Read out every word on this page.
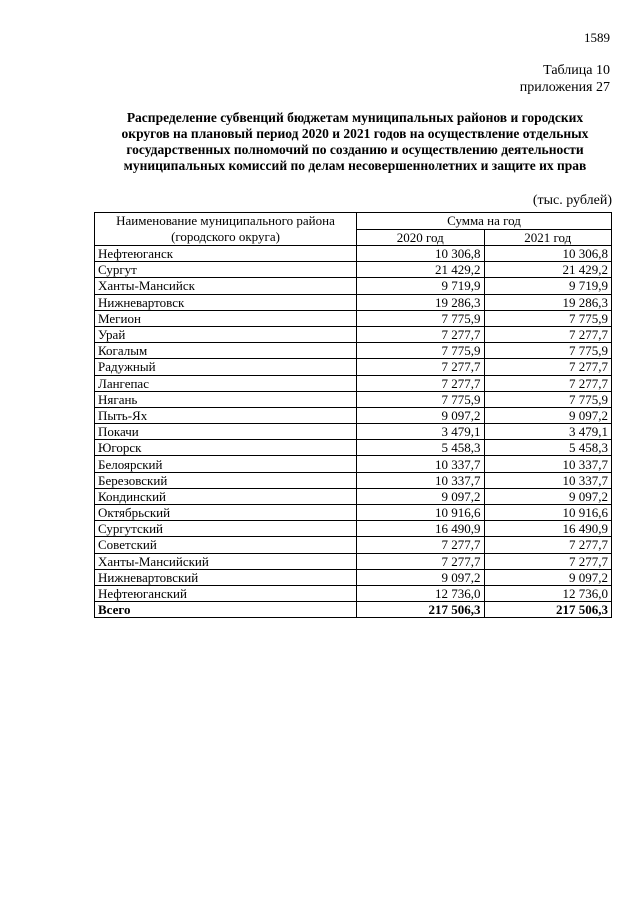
1589
Таблица 10
приложения 27
Распределение субвенций бюджетам муниципальных районов и городских
округов на плановый период 2020 и 2021 годов на осуществление отдельных
государственных полномочий по созданию и осуществлению деятельности
муниципальных комиссий по делам несовершеннолетних и защите их прав
(тыс. рублей)
Наименование муниципального района
(городского округа)	Сумма на год	
	2020 год	2021 год
Нефтеюганск	10 306,8	10 306,8
Сургут	21 429,2	21 429,2
Ханты-Мансийск	9 719,9	9 719,9
Нижневартовск	19 286,3	19 286,3
Мегион	7 775,9	7 775,9
Урай	7 277,7	7 277,7
Когалым	7 775,9	7 775,9
Радужный	7 277,7	7 277,7
Лангепас	7 277,7	7 277,7
Нягань	7 775,9	7 775,9
Пыть-Ях	9 097,2	9 097,2
Покачи	3 479,1	3 479,1
Югорск	5 458,3	5 458,3
Белоярский	10 337,7	10 337,7
Березовский	10 337,7	10 337,7
Кондинский	9 097,2	9 097,2
Октябрьский	10 916,6	10 916,6
Сургутский	16 490,9	16 490,9
Советский	7 277,7	7 277,7
Ханты-Мансийский	7 277,7	7 277,7
Нижневартовский	9 097,2	9 097,2
Нефтеюганский	12 736,0	12 736,0
Всего	217 506,3	217 506,3
